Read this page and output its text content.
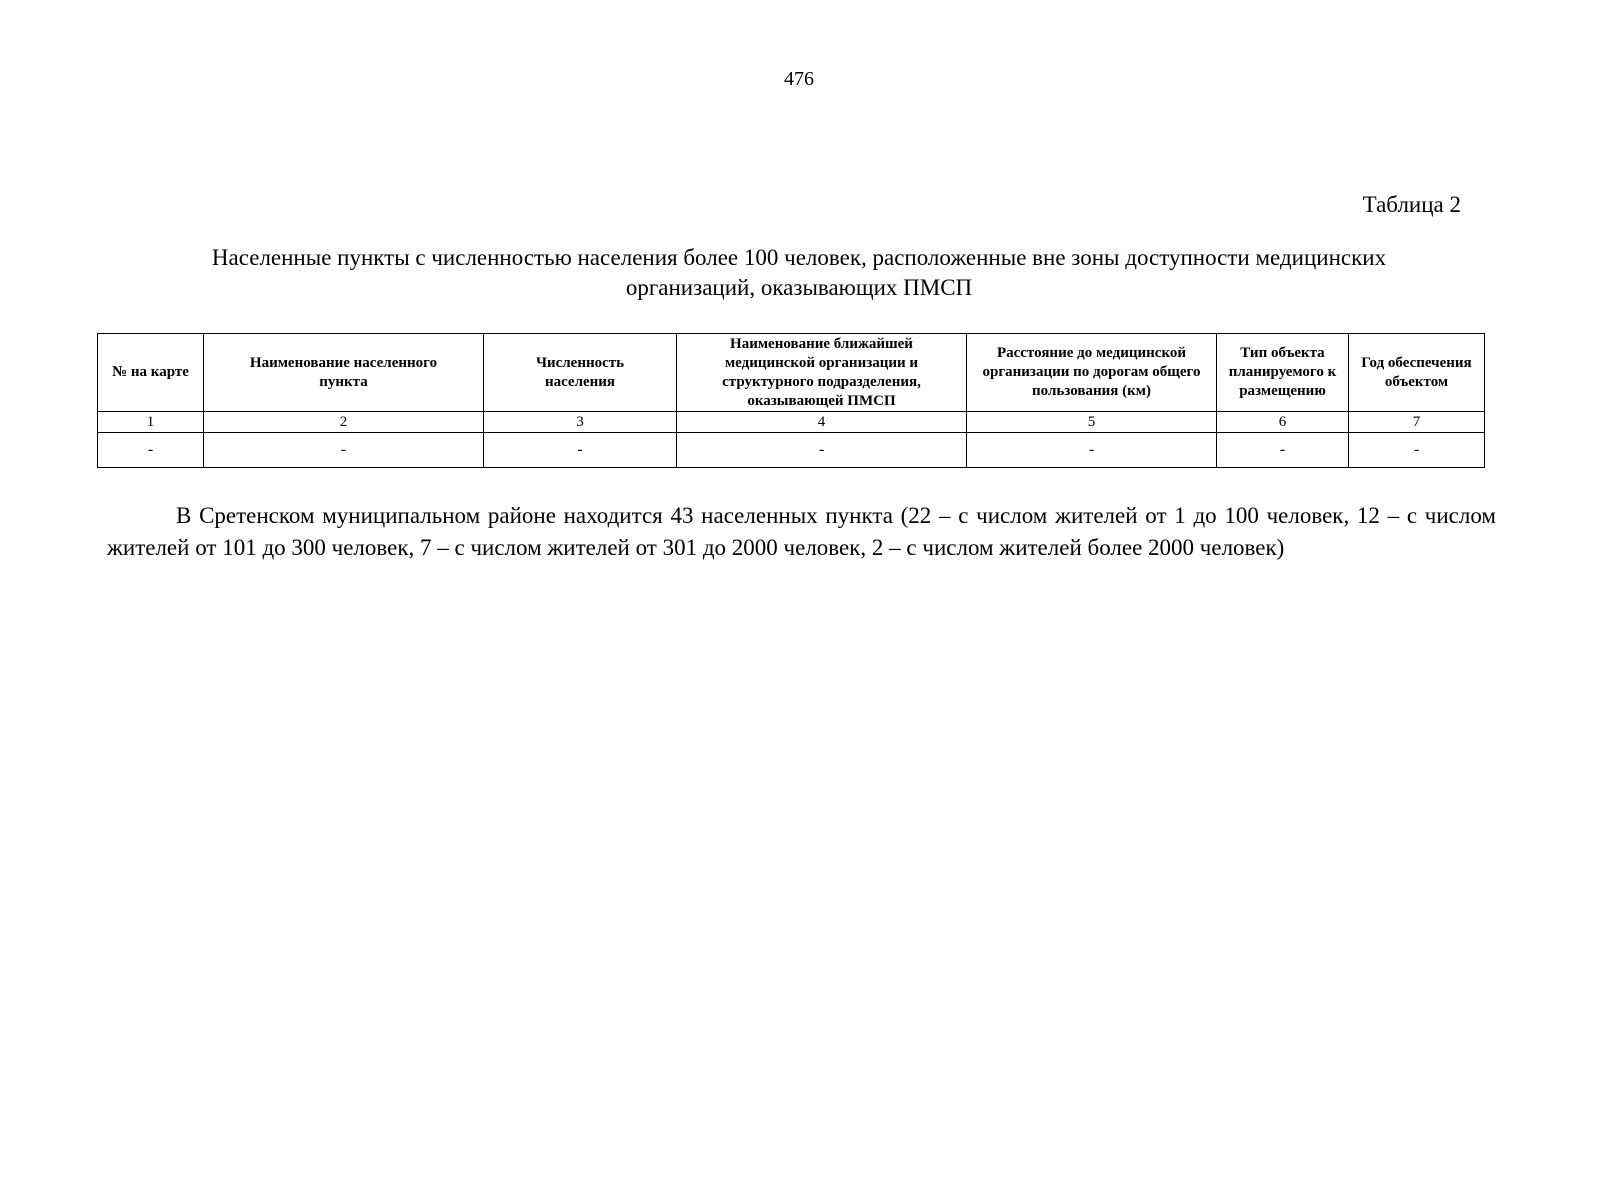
476
Таблица 2
Населенные пункты с численностью населения более 100 человек, расположенные вне зоны доступности медицинских
организаций, оказывающих ПМСП
№ на карте	Наименование населенного пункта	Численность населения	Наименование ближайшей медицинской организации и структурного подразделения, оказывающей ПМСП	Расстояние до медицинской организации по дорогам общего пользования (км)	Тип объекта планируемого к размещению	Год обеспечения объектом
1	2	3	4	5	6	7
-	-	-	-	-	-	-

В Сретенском муниципальном районе находится 43 населенных пункта (22 – с числом жителей от 1 до 100 человек, 12 – с числом жителей от 101 до 300 человек, 7 – с числом жителей от 301 до 2000 человек, 2 – с числом жителей более 2000 человек)
